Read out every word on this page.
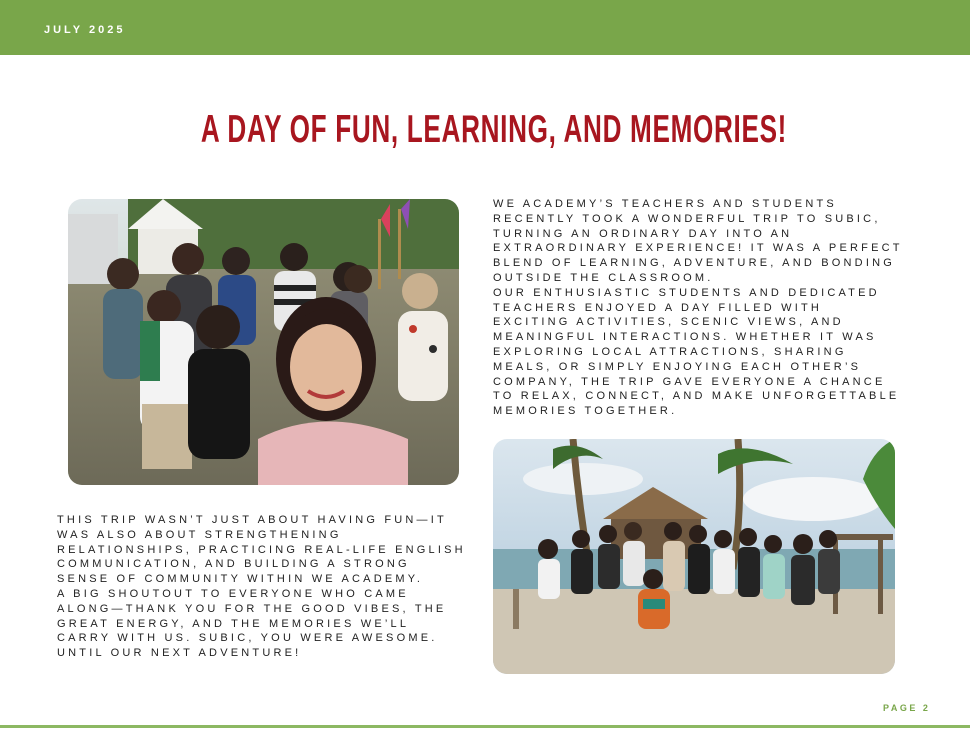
JULY 2025
A DAY OF FUN, LEARNING, AND MEMORIES!

WE ACADEMY’S TEACHERS AND STUDENTS RECENTLY TOOK A WONDERFUL TRIP TO SUBIC, TURNING AN ORDINARY DAY INTO AN EXTRAORDINARY EXPERIENCE! IT WAS A PERFECT BLEND OF LEARNING, ADVENTURE, AND BONDING OUTSIDE THE CLASSROOM.

OUR ENTHUSIASTIC STUDENTS AND DEDICATED TEACHERS ENJOYED A DAY FILLED WITH EXCITING ACTIVITIES, SCENIC VIEWS, AND MEANINGFUL INTERACTIONS. WHETHER IT WAS EXPLORING LOCAL ATTRACTIONS, SHARING MEALS, OR SIMPLY ENJOYING EACH OTHER’S COMPANY, THE TRIP GAVE EVERYONE A CHANCE TO RELAX, CONNECT, AND MAKE UNFORGETTABLE MEMORIES TOGETHER.

THIS TRIP WASN’T JUST ABOUT HAVING FUN—IT WAS ALSO ABOUT STRENGTHENING RELATIONSHIPS, PRACTICING REAL-LIFE ENGLISH COMMUNICATION, AND BUILDING A STRONG SENSE OF COMMUNITY WITHIN WE ACADEMY.

A BIG SHOUTOUT TO EVERYONE WHO CAME ALONG—THANK YOU FOR THE GOOD VIBES, THE GREAT ENERGY, AND THE MEMORIES WE’LL CARRY WITH US. SUBIC, YOU WERE AWESOME. UNTIL OUR NEXT ADVENTURE!

PAGE 2
